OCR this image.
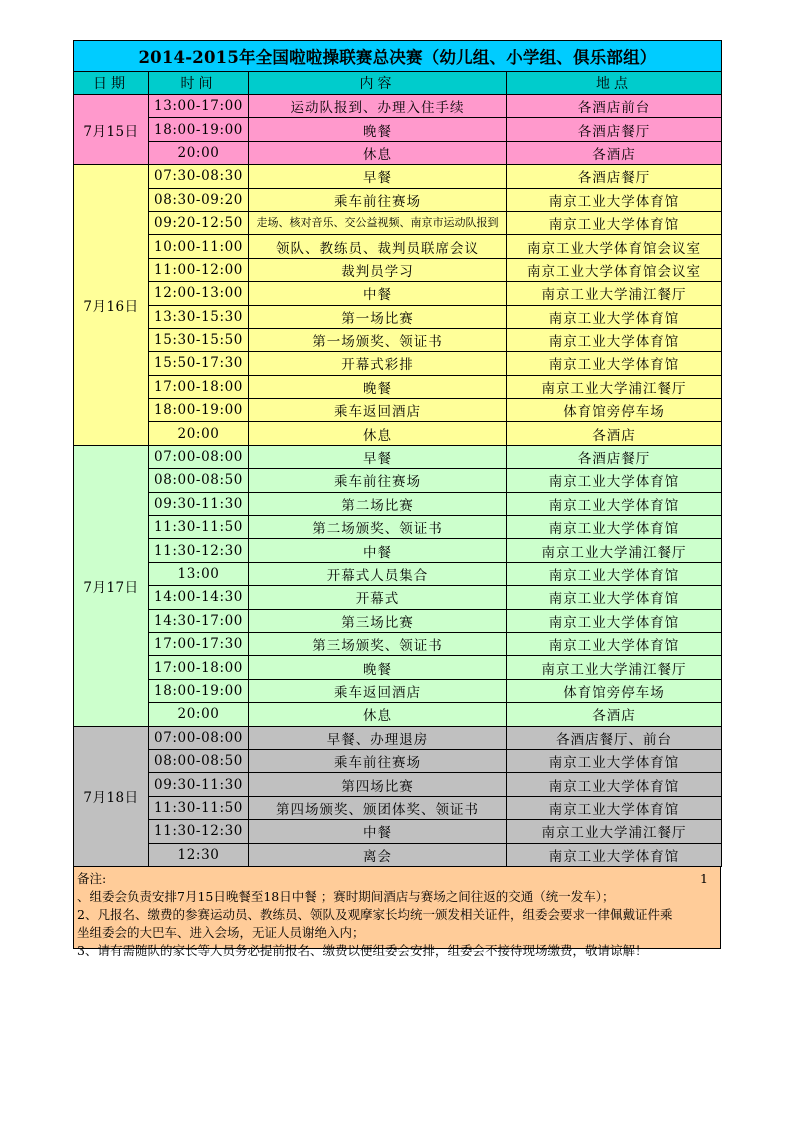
2014-2015年全国啦啦操联赛总决赛（幼儿组、小学组、俱乐部组）			
日期	时间	内容	地点
7月15日	13:00-17:00	运动队报到、办理入住手续	各酒店前台
	18:00-19:00	晚餐	各酒店餐厅
	20:00	休息	各酒店
7月16日	07:30-08:30	早餐	各酒店餐厅
	08:30-09:20	乘车前往赛场	南京工业大学体育馆
	09:20-12:50	走场、核对音乐、交公益视频、南京市运动队报到	南京工业大学体育馆
	10:00-11:00	领队、教练员、裁判员联席会议	南京工业大学体育馆会议室
	11:00-12:00	裁判员学习	南京工业大学体育馆会议室
	12:00-13:00	中餐	南京工业大学浦江餐厅
	13:30-15:30	第一场比赛	南京工业大学体育馆
	15:30-15:50	第一场颁奖、领证书	南京工业大学体育馆
	15:50-17:30	开幕式彩排	南京工业大学体育馆
	17:00-18:00	晚餐	南京工业大学浦江餐厅
	18:00-19:00	乘车返回酒店	体育馆旁停车场
	20:00	休息	各酒店
7月17日	07:00-08:00	早餐	各酒店餐厅
	08:00-08:50	乘车前往赛场	南京工业大学体育馆
	09:30-11:30	第二场比赛	南京工业大学体育馆
	11:30-11:50	第二场颁奖、领证书	南京工业大学体育馆
	11:30-12:30	中餐	南京工业大学浦江餐厅
	13:00	开幕式人员集合	南京工业大学体育馆
	14:00-14:30	开幕式	南京工业大学体育馆
	14:30-17:00	第三场比赛	南京工业大学体育馆
	17:00-17:30	第三场颁奖、领证书	南京工业大学体育馆
	17:00-18:00	晚餐	南京工业大学浦江餐厅
	18:00-19:00	乘车返回酒店	体育馆旁停车场
	20:00	休息	各酒店
7月18日	07:00-08:00	早餐、办理退房	各酒店餐厅、前台
	08:00-08:50	乘车前往赛场	南京工业大学体育馆
	09:30-11:30	第四场比赛	南京工业大学体育馆
	11:30-11:50	第四场颁奖、颁团体奖、领证书	南京工业大学体育馆
	11:30-12:30	中餐	南京工业大学浦江餐厅
	12:30	离会	南京工业大学体育馆
1
备注:
、组委会负责安排7月15日晚餐至18日中餐 ；赛时期间酒店与赛场之间往返的交通（统一发车）；
2、凡报名、缴费的参赛运动员、教练员、领队及观摩家长均统一颁发相关证件，组委会要求一律佩戴证件乘
坐组委会的大巴车、进入会场，无证人员谢绝入内；
3、请有需随队的家长等人员务必提前报名、缴费以便组委会安排，组委会不接待现场缴费，敬请谅解！
